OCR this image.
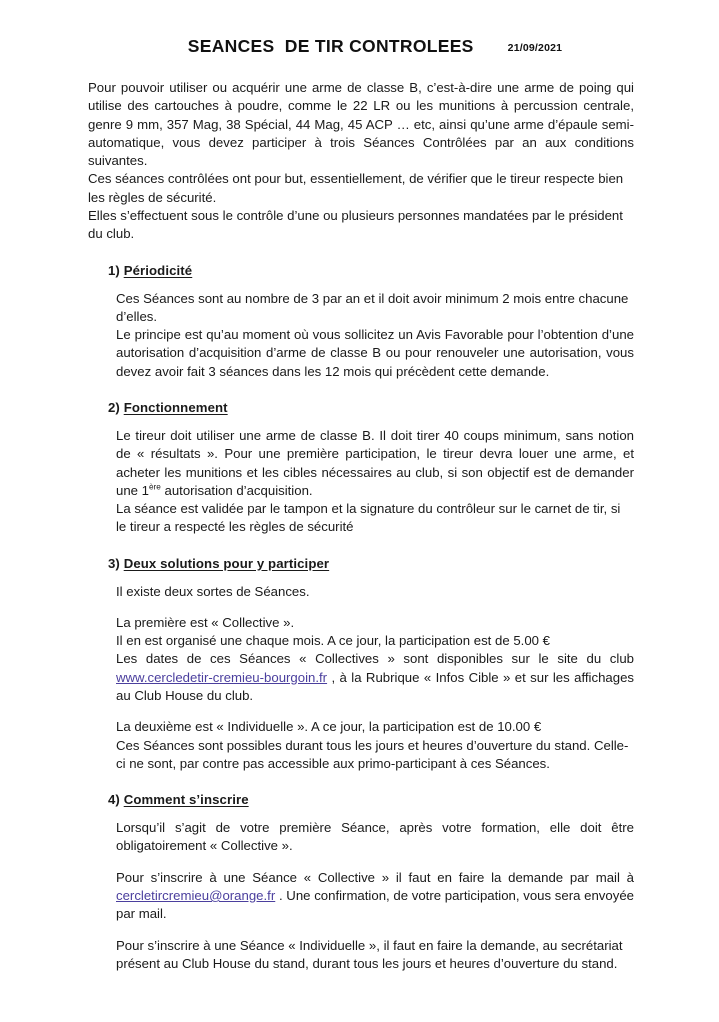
SEANCES  DE TIR CONTROLEES	21/09/2021

Pour pouvoir utiliser ou acquérir une arme de classe B, c’est-à-dire une arme de poing qui utilise des cartouches à poudre, comme le 22 LR ou les munitions à percussion centrale, genre 9 mm, 357 Mag, 38 Spécial, 44 Mag, 45 ACP … etc, ainsi qu’une arme d’épaule semi-automatique, vous devez participer à trois Séances Contrôlées par an aux conditions suivantes.

Ces séances contrôlées ont pour but, essentiellement, de vérifier que le tireur respecte bien les règles de sécurité.

Elles s’effectuent sous le contrôle d’une ou plusieurs personnes mandatées par le président du club.

1) Périodicité

Ces Séances sont au nombre de 3 par an et il doit avoir minimum 2 mois entre chacune d’elles.

Le principe est qu’au moment où vous sollicitez un Avis Favorable pour l’obtention d’une autorisation d’acquisition d’arme de classe B ou pour renouveler une autorisation, vous devez avoir fait 3 séances dans les 12 mois qui précèdent cette demande.

2) Fonctionnement

Le tireur doit utiliser une arme de classe B. Il doit tirer 40 coups minimum, sans notion de « résultats ». Pour une première participation, le tireur devra louer une arme, et acheter les munitions et les cibles nécessaires au club, si son objectif est de demander une 1ère autorisation d’acquisition.

La séance est validée par le tampon et la signature du contrôleur sur le carnet de tir, si le tireur a respecté les règles de sécurité

3) Deux solutions pour y participer

Il existe deux sortes de Séances.

La première est « Collective ».

Il en est organisé une chaque mois. A ce jour, la participation est de 5.00 €

Les dates de ces Séances « Collectives » sont disponibles sur le site du club www.cercledetir-cremieu-bourgoin.fr , à la Rubrique « Infos Cible » et sur les affichages au Club House du club.

La deuxième est « Individuelle ». A ce jour, la participation est de 10.00 €

Ces Séances sont possibles durant tous les jours et heures d’ouverture du stand. Celle-ci ne sont, par contre pas accessible aux primo-participant à ces Séances.

4) Comment s’inscrire

Lorsqu’il s’agit de votre première Séance, après votre formation, elle doit être obligatoirement « Collective ».

Pour s’inscrire à une Séance « Collective » il faut en faire la demande par mail à cercletircremieu@orange.fr . Une confirmation, de votre participation, vous sera envoyée par mail.

Pour s’inscrire à une Séance « Individuelle », il faut en faire la demande, au secrétariat présent au Club House du stand, durant tous les jours et heures d’ouverture du stand.
